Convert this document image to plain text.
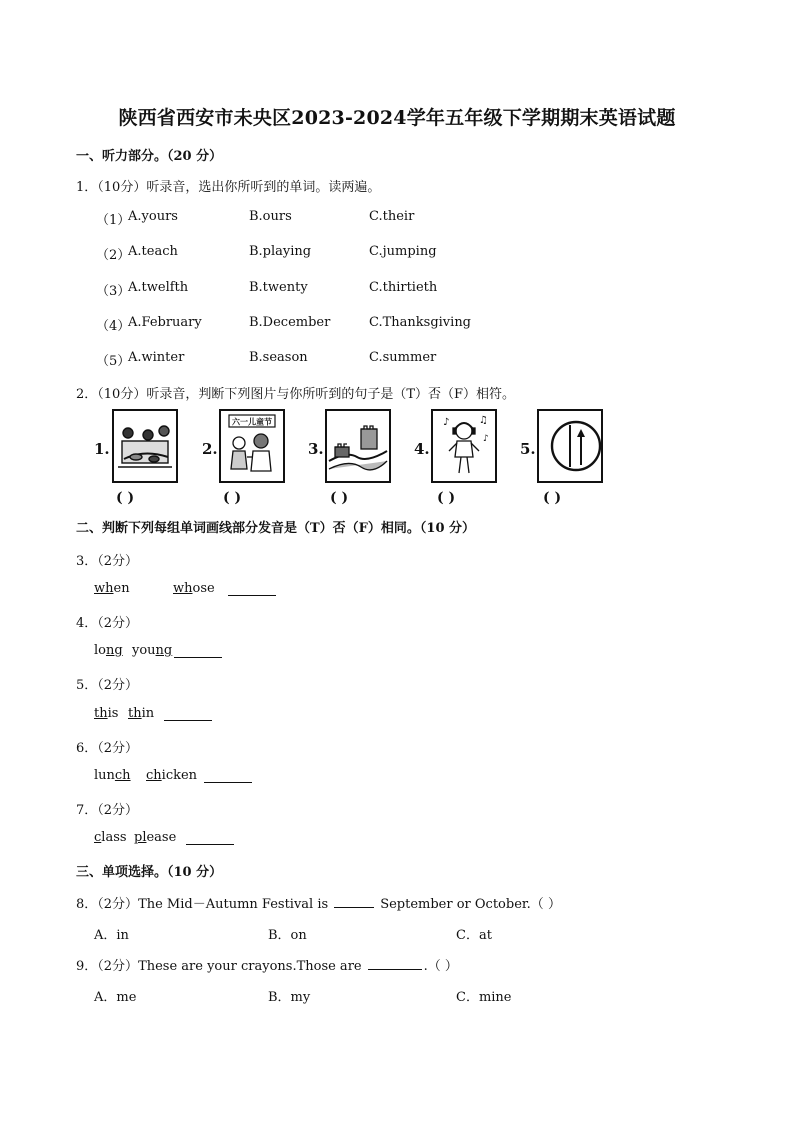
陕西省西安市未央区2023-2024学年五年级下学期期末英语试题
一、听力部分。（20 分）
1．（10分）听录音，选出你所听到的单词。读两遍。
（1）
A.yours	B.ours	C.their
（2）
A.teach	B.playing	C.jumping
（3）
A.twelfth	B.twenty	C.thirtieth
（4）
A.February	B.December	C.Thanksgiving
（5）
A.winter	B.season	C.summer
2．（10分）听录音，判断下列图片与你所听到的句子是（T）否（F）相符。
1.	2.
六一儿童节
3.	4.
♪	♫
♪
5.
( )	( )	( )	( )	( )
二、判断下列每组单词画线部分发音是（T）否（F）相同。（10 分）
3．（2分）
when	whose
4．（2分）
long young
5．（2分）
this thin
6．（2分）
lunch chicken
7．（2分）
class please
三、单项选择。（10 分）
8．（2分）The Mid－Autumn Festival is	September or October.（ ）
A．in	B．on	C．at
9．（2分）These are your crayons.Those are	.（ ）
A．me	B．my	C．mine
